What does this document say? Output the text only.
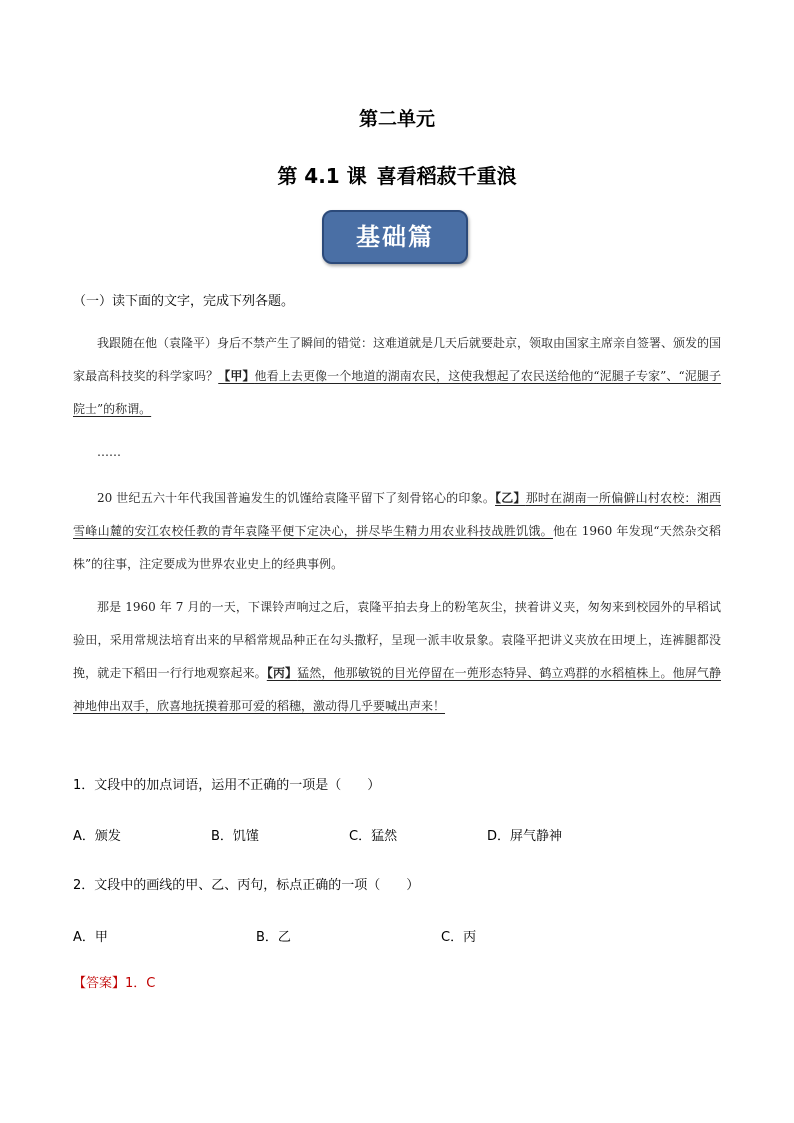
第二单元
第 4.1 课 喜看稻菽千重浪
基础篇
（一）读下面的文字，完成下列各题。

我跟随在他（袁隆平）身后不禁产生了瞬间的错觉：这难道就是几天后就要赴京，领取由国家主席亲自签署、颁发的国家最高科技奖的科学家吗？【甲】他看上去更像一个地道的湖南农民，这使我想起了农民送给他的“泥腿子专家”、“泥腿子院士”的称谓。

……

20 世纪五六十年代我国普遍发生的饥馑给袁隆平留下了刻骨铭心的印象。【乙】那时在湖南一所偏僻山村农校：湘西雪峰山麓的安江农校任教的青年袁隆平便下定决心，拼尽毕生精力用农业科技战胜饥饿。他在 1960 年发现“天然杂交稻株”的往事，注定要成为世界农业史上的经典事例。

那是 1960 年 7 月的一天，下课铃声响过之后，袁隆平拍去身上的粉笔灰尘，挟着讲义夹，匆匆来到校园外的早稻试验田，采用常规法培育出来的早稻常规品种正在勾头撒籽，呈现一派丰收景象。袁隆平把讲义夹放在田埂上，连裤腿都没挽，就走下稻田一行行地观察起来。【丙】猛然，他那敏锐的目光停留在一蔸形态特异、鹤立鸡群的水稻植株上。他屏气静神地伸出双手，欣喜地抚摸着那可爱的稻穗，激动得几乎要喊出声来！

1．文段中的加点词语，运用不正确的一项是（　　）
A．颁发	B．饥馑	C．猛然	D．屏气静神
2．文段中的画线的甲、乙、丙句，标点正确的一项（　　）
A．甲	B．乙	C．丙
【答案】1．C
